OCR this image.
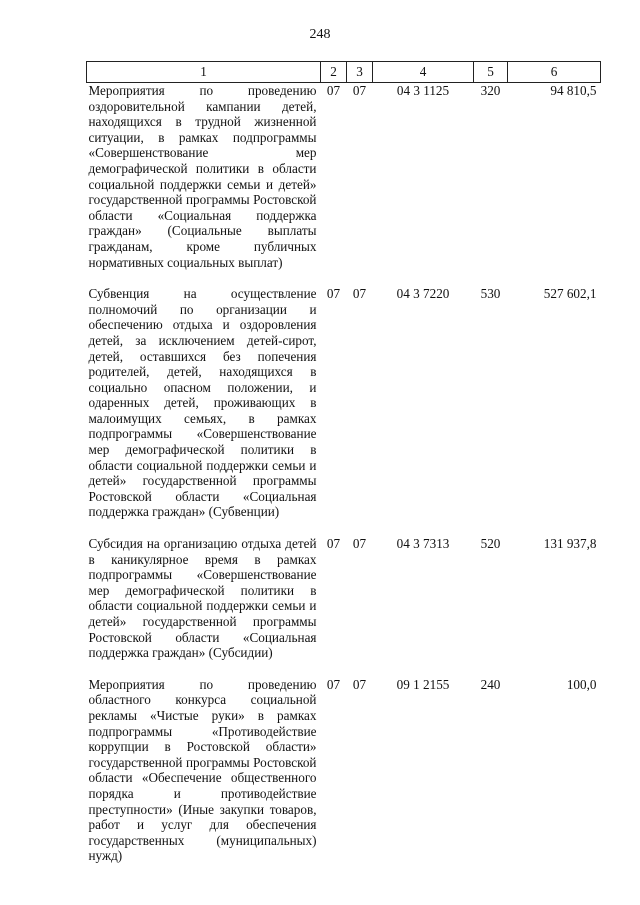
248
1	2	3	4	5	6
Мероприятия по проведению оздоровительной кампании детей, находящихся в трудной жизненной ситуации, в рамках подпрограммы «Совершенствование мер демографической политики в области социальной поддержки семьи и детей» государственной программы Ростовской области «Социальная поддержка граждан» (Социальные выплаты гражданам, кроме публичных нормативных социальных выплат)	07	07	04 3 1125	320	94 810,5
Субвенция на осуществление полномочий по организации и обеспечению отдыха и оздоровления детей, за исключением детей-сирот, детей, оставшихся без попечения родителей, детей, находящихся в социально опасном положении, и одаренных детей, проживающих в малоимущих семьях, в рамках подпрограммы «Совершенствование мер демографической политики в области социальной поддержки семьи и детей» государственной программы Ростовской области «Социальная поддержка граждан» (Субвенции)	07	07	04 3 7220	530	527 602,1
Субсидия на организацию отдыха детей в каникулярное время в рамках подпрограммы «Совершенствование мер демографической политики в области социальной поддержки семьи и детей» государственной программы Ростовской области «Социальная поддержка граждан» (Субсидии)	07	07	04 3 7313	520	131 937,8
Мероприятия по проведению областного конкурса социальной рекламы «Чистые руки» в рамках подпрограммы «Противодействие коррупции в Ростовской области» государственной программы Ростовской области «Обеспечение общественного порядка и противодействие преступности» (Иные закупки товаров, работ и услуг для обеспечения государственных (муниципальных) нужд)	07	07	09 1 2155	240	100,0
